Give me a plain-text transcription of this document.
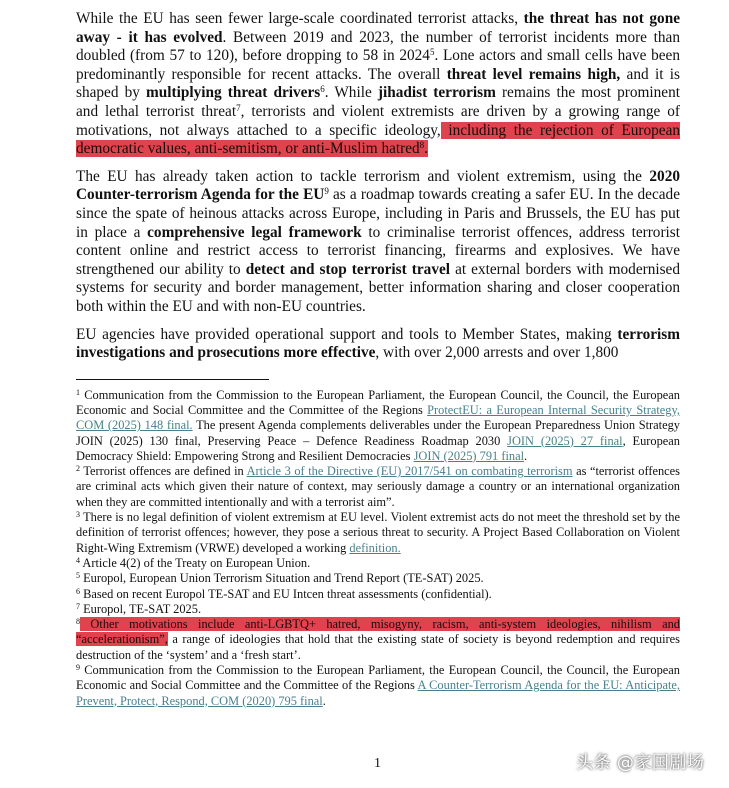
While the EU has seen fewer large-scale coordinated terrorist attacks, the threat has not gone away - it has evolved. Between 2019 and 2023, the number of terrorist incidents more than doubled (from 57 to 120), before dropping to 58 in 2024$^5$. Lone actors and small cells have been predominantly responsible for recent attacks. The overall threat level remains high, and it is shaped by multiplying threat drivers$^6$. While jihadist terrorism remains the most prominent and lethal terrorist threat$^7$, terrorists and violent extremists are driven by a growing range of motivations, not always attached to a specific ideology, including the rejection of European democratic values, anti-semitism, or anti-Muslim hatred$^8$.

The EU has already taken action to tackle terrorism and violent extremism, using the 2020 Counter-terrorism Agenda for the $EU^9$ as a roadmap towards creating a safer EU. In the decade since the spate of heinous attacks across Europe, including in Paris and Brussels, the EU has put in place a comprehensive legal framework to criminalise terrorist offences, address terrorist content online and restrict access to terrorist financing, firearms and explosives. We have strengthened our ability to detect and stop terrorist travel at external borders with modernised systems for security and border management, better information sharing and closer cooperation both within the EU and with non-EU countries.

EU agencies have provided operational support and tools to Member States, making terrorism investigations and prosecutions more effective, with over 2,000 arrests and over 1,800

$^1$ Communication from the Commission to the European Parliament, the European Council, the Council, the European Economic and Social Committee and the Committee of the Regions ProtectEU: a European Internal Security Strategy, COM (2025) 148 final. The present Agenda complements deliverables under the European Preparedness Union Strategy JOIN (2025) 130 final, Preserving Peace – Defence Readiness Roadmap 2030 JOIN (2025) 27 final, European Democracy Shield: Empowering Strong and Resilient Democracies JOIN (2025) 791 final.

$^2$ Terrorist offences are defined in Article 3 of the Directive (EU) 2017/541 on combating terrorism as “terrorist offences are criminal acts which given their nature of context, may seriously damage a country or an international organization when they are committed intentionally and with a terrorist aim”.

$^3$ There is no legal definition of violent extremism at EU level. Violent extremist acts do not meet the threshold set by the definition of terrorist offences; however, they pose a serious threat to security. A Project Based Collaboration on Violent Right-Wing Extremism (VRWE) developed a working definition.

$^4$ Article 4(2) of the Treaty on European Union.

$^5$ Europol, European Union Terrorism Situation and Trend Report (TE-SAT) 2025.

$^6$ Based on recent Europol TE-SAT and EU Intcen threat assessments (confidential).

$^7$ Europol, TE-SAT 2025.

$^8$ Other motivations include anti-LGBTQ+ hatred, misogyny, racism, anti-system ideologies, nihilism and “accelerationism”, a range of ideologies that hold that the existing state of society is beyond redemption and requires destruction of the ‘system’ and a ‘fresh start’.

$^9$ Communication from the Commission to the European Parliament, the European Council, the Council, the European Economic and Social Committee and the Committee of the Regions A Counter-Terrorism Agenda for the EU: Anticipate, Prevent, Protect, Respond, COM (2020) 795 final.

1	头条 @家国剧场
